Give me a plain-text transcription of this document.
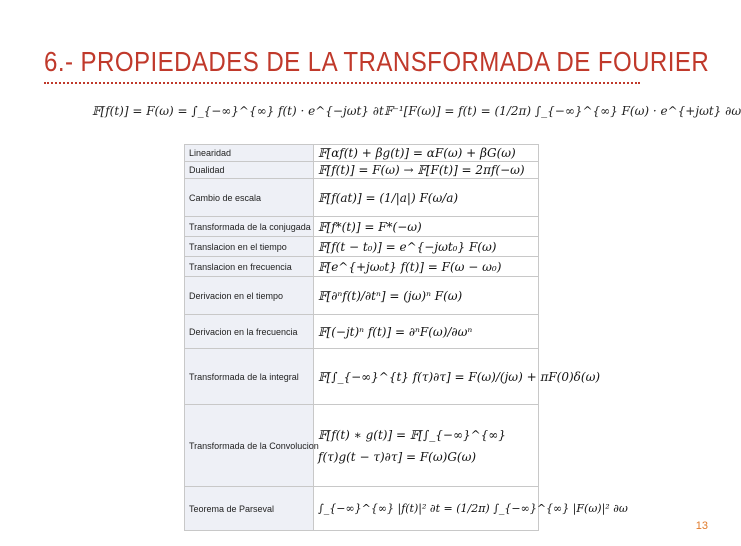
6.- PROPIEDADES DE LA TRANSFORMADA DE FOURIER
𝔽[f(t)] = F(ω) = ∫_{−∞}^{∞} f(t) · e^{−jωt} ∂t 𝔽⁻¹[F(ω)] = f(t) = (1/2π) ∫_{−∞}^{∞} F(ω) · e^{+jωt} ∂ω
Linearidad	𝔽[αf(t) + βg(t)] = αF(ω) + βG(ω)
Dualidad	𝔽[f(t)] = F(ω) → 𝔽[F(t)] = 2πf(−ω)
Cambio de escala	𝔽[f(at)] = (1/|a|) F(ω/a)
Transformada de la conjugada	𝔽[f*(t)] = F*(−ω)
Translacion en el tiempo	𝔽[f(t − t₀)] = e^{−jωt₀} F(ω)
Translacion en frecuencia	𝔽[e^{+jω₀t} f(t)] = F(ω − ω₀)
Derivacion en el tiempo	𝔽[∂ⁿf(t)/∂tⁿ] = (jω)ⁿ F(ω)
Derivacion en la frecuencia	𝔽[(−jt)ⁿ f(t)] = ∂ⁿF(ω)/∂ωⁿ
Transformada de la integral	𝔽[∫_{−∞}^{t} f(τ)∂τ] = F(ω)/(jω) + πF(0)δ(ω)
Transformada de la Convolucion	𝔽[f(t) ∗ g(t)] = 𝔽[∫_{−∞}^{∞} f(τ)g(t − τ)∂τ] = F(ω)G(ω)
Teorema de Parseval	∫_{−∞}^{∞} |f(t)|² ∂t = (1/2π) ∫_{−∞}^{∞} |F(ω)|² ∂ω
13
